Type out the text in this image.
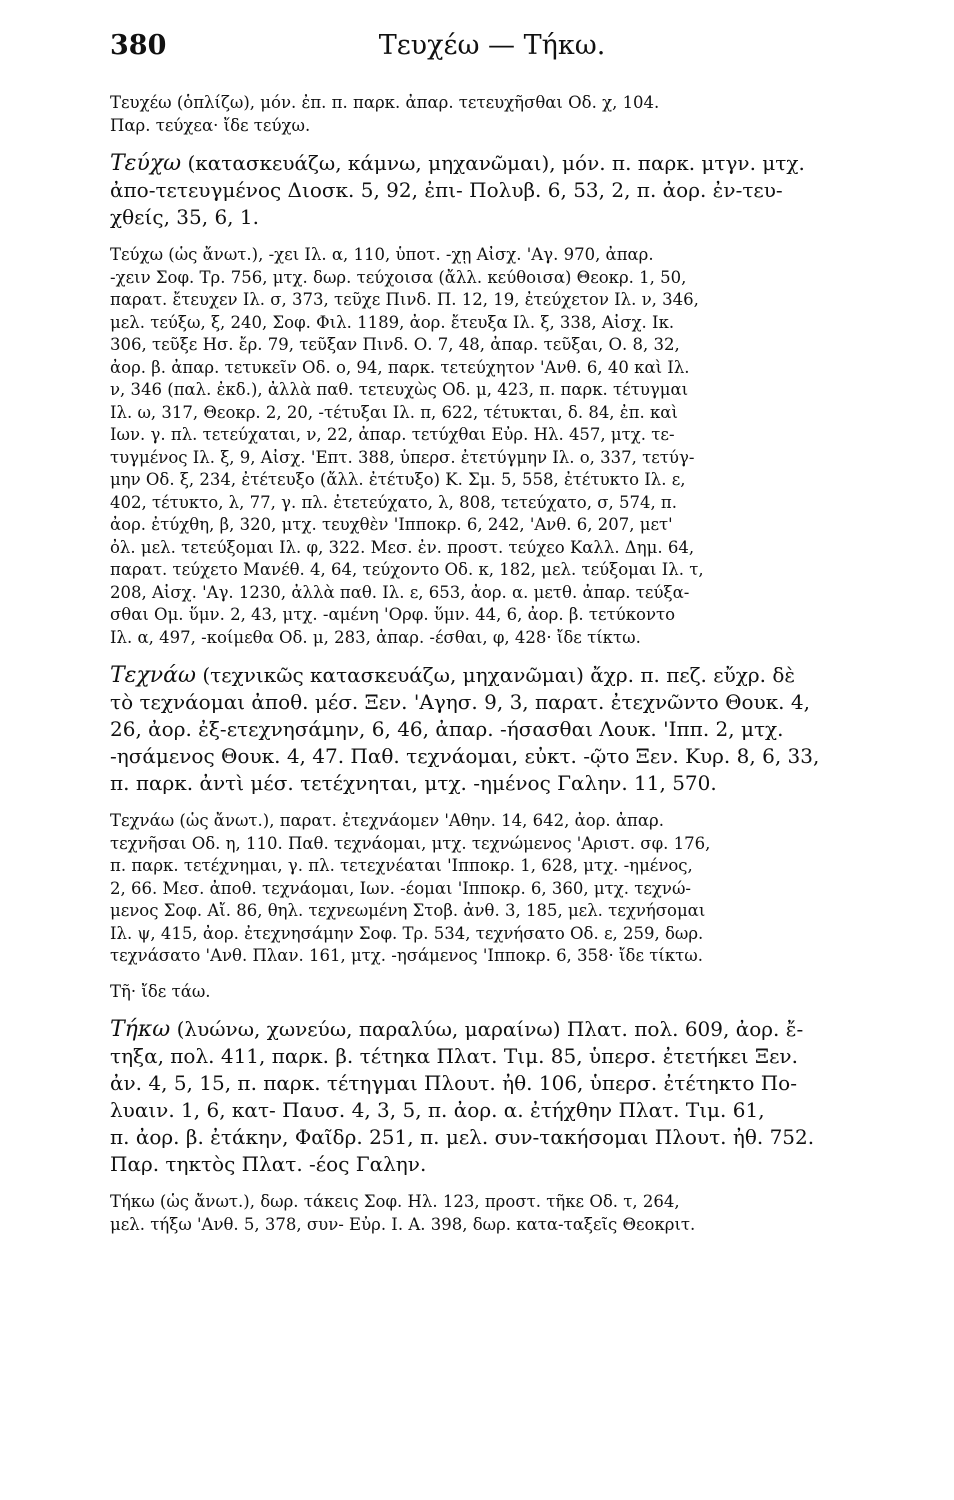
380	Τευχέω — Τήκω.
Τευχέω (ὁπλίζω), μόν. ἐπ. π. παρκ. ἀπαρ. τετευχῆσθαι Οδ. χ, 104.
Παρ. τεύχεα· ἴδε τεύχω.
Τεύχω (κατασκευάζω, κάμνω, μηχανῶμαι), μόν. π. παρκ. μτγν. μτχ.
ἀπο-τετευγμένος Διοσκ. 5, 92, ἐπι- Πολυβ. 6, 53, 2, π. ἀορ. ἐν-τευ-
χθείς, 35, 6, 1.
Τεύχω (ὡς ἄνωτ.), -χει Ιλ. α, 110, ὑποτ. -χῃ Αἰσχ. 'Αγ. 970, ἀπαρ.
-χειν Σοφ. Τρ. 756, μτχ. δωρ. τεύχοισα (ἄλλ. κεύθοισα) Θεοκρ. 1, 50,
παρατ. ἔτευχεν Ιλ. σ, 373, τεῦχε Πινδ. Π. 12, 19, ἐτεύχετον Ιλ. ν, 346,
μελ. τεύξω, ξ, 240, Σοφ. Φιλ. 1189, ἀορ. ἔτευξα Ιλ. ξ, 338, Αἰσχ. Ικ.
306, τεῦξε Ησ. ἔρ. 79, τεῦξαν Πινδ. Ο. 7, 48, ἀπαρ. τεῦξαι, Ο. 8, 32,
ἀορ. β. ἀπαρ. τετυκεῖν Οδ. ο, 94, παρκ. τετεύχητον 'Ανθ. 6, 40 καὶ Ιλ.
ν, 346 (παλ. ἐκδ.), ἀλλὰ παθ. τετευχὼς Οδ. μ, 423, π. παρκ. τέτυγμαι
Ιλ. ω, 317, Θεοκρ. 2, 20, -τέτυξαι Ιλ. π, 622, τέτυκται, δ. 84, ἐπ. καὶ
Ιων. γ. πλ. τετεύχαται, ν, 22, ἀπαρ. τετύχθαι Εὐρ. Ηλ. 457, μτχ. τε-
τυγμένος Ιλ. ξ, 9, Αἰσχ. 'Επτ. 388, ὑπερσ. ἐτετύγμην Ιλ. ο, 337, τετύγ-
μην Οδ. ξ, 234, ἐτέτευξο (ἄλλ. ἐτέτυξο) Κ. Σμ. 5, 558, ἐτέτυκτο Ιλ. ε,
402, τέτυκτο, λ, 77, γ. πλ. ἐτετεύχατο, λ, 808, τετεύχατο, σ, 574, π.
ἀορ. ἐτύχθη, β, 320, μτχ. τευχθὲν 'Ιπποκρ. 6, 242, 'Ανθ. 6, 207, μετ'
ὀλ. μελ. τετεύξομαι Ιλ. φ, 322. Μεσ. ἐν. προστ. τεύχεο Καλλ. Δημ. 64,
παρατ. τεύχετο Μανέθ. 4, 64, τεύχοντο Οδ. κ, 182, μελ. τεύξομαι Ιλ. τ,
208, Αἰσχ. 'Αγ. 1230, ἀλλὰ παθ. Ιλ. ε, 653, ἀορ. α. μετθ. ἀπαρ. τεύξα-
σθαι Ομ. ὕμν. 2, 43, μτχ. -αμένη 'Ορφ. ὕμν. 44, 6, ἀορ. β. τετύκοντο
Ιλ. α, 497, -κοίμεθα Οδ. μ, 283, ἀπαρ. -έσθαι, φ, 428· ἴδε τίκτω.
Τεχνάω (τεχνικῶς κατασκευάζω, μηχανῶμαι) ἄχρ. π. πεζ. εὔχρ. δὲ
τὸ τεχνάομαι ἀποθ. μέσ. Ξεν. 'Αγησ. 9, 3, παρατ. ἐτεχνῶντο Θουκ. 4,
26, ἀορ. ἐξ-ετεχνησάμην, 6, 46, ἀπαρ. -ήσασθαι Λουκ. 'Ιππ. 2, μτχ.
-ησάμενος Θουκ. 4, 47. Παθ. τεχνάομαι, εὐκτ. -ῷτο Ξεν. Κυρ. 8, 6, 33,
π. παρκ. ἀντὶ μέσ. τετέχνηται, μτχ. -ημένος Γαλην. 11, 570.
Τεχνάω (ὡς ἄνωτ.), παρατ. ἐτεχνάομεν 'Αθην. 14, 642, ἀορ. ἀπαρ.
τεχνῆσαι Οδ. η, 110. Παθ. τεχνάομαι, μτχ. τεχνώμενος 'Αριστ. σφ. 176,
π. παρκ. τετέχνημαι, γ. πλ. τετεχνέαται 'Ιπποκρ. 1, 628, μτχ. -ημένος,
2, 66. Μεσ. ἀποθ. τεχνάομαι, Ιων. -έομαι 'Ιπποκρ. 6, 360, μτχ. τεχνώ-
μενος Σοφ. Αἴ. 86, θηλ. τεχνεωμένη Στοβ. ἀνθ. 3, 185, μελ. τεχνήσομαι
Ιλ. ψ, 415, ἀορ. ἐτεχνησάμην Σοφ. Τρ. 534, τεχνήσατο Οδ. ε, 259, δωρ.
τεχνάσατο 'Ανθ. Πλαν. 161, μτχ. -ησάμενος 'Ιπποκρ. 6, 358· ἴδε τίκτω.
Τῆ· ἴδε τάω.
Τήκω (λυώνω, χωνεύω, παραλύω, μαραίνω) Πλατ. πολ. 609, ἀορ. ἔ-
τηξα, πολ. 411, παρκ. β. τέτηκα Πλατ. Τιμ. 85, ὑπερσ. ἐτετήκει Ξεν.
ἀν. 4, 5, 15, π. παρκ. τέτηγμαι Πλουτ. ἠθ. 106, ὑπερσ. ἐτέτηκτο Πο-
λυαιν. 1, 6, κατ- Παυσ. 4, 3, 5, π. ἀορ. α. ἐτήχθην Πλατ. Τιμ. 61,
π. ἀορ. β. ἐτάκην, Φαῖδρ. 251, π. μελ. συν-τακήσομαι Πλουτ. ἠθ. 752.
Παρ. τηκτὸς Πλατ. -έος Γαλην.
Τήκω (ὡς ἄνωτ.), δωρ. τάκεις Σοφ. Ηλ. 123, προστ. τῆκε Οδ. τ, 264,
μελ. τήξω 'Ανθ. 5, 378, συν- Εὐρ. Ι. Α. 398, δωρ. κατα-ταξεῖς Θεοκριτ.
